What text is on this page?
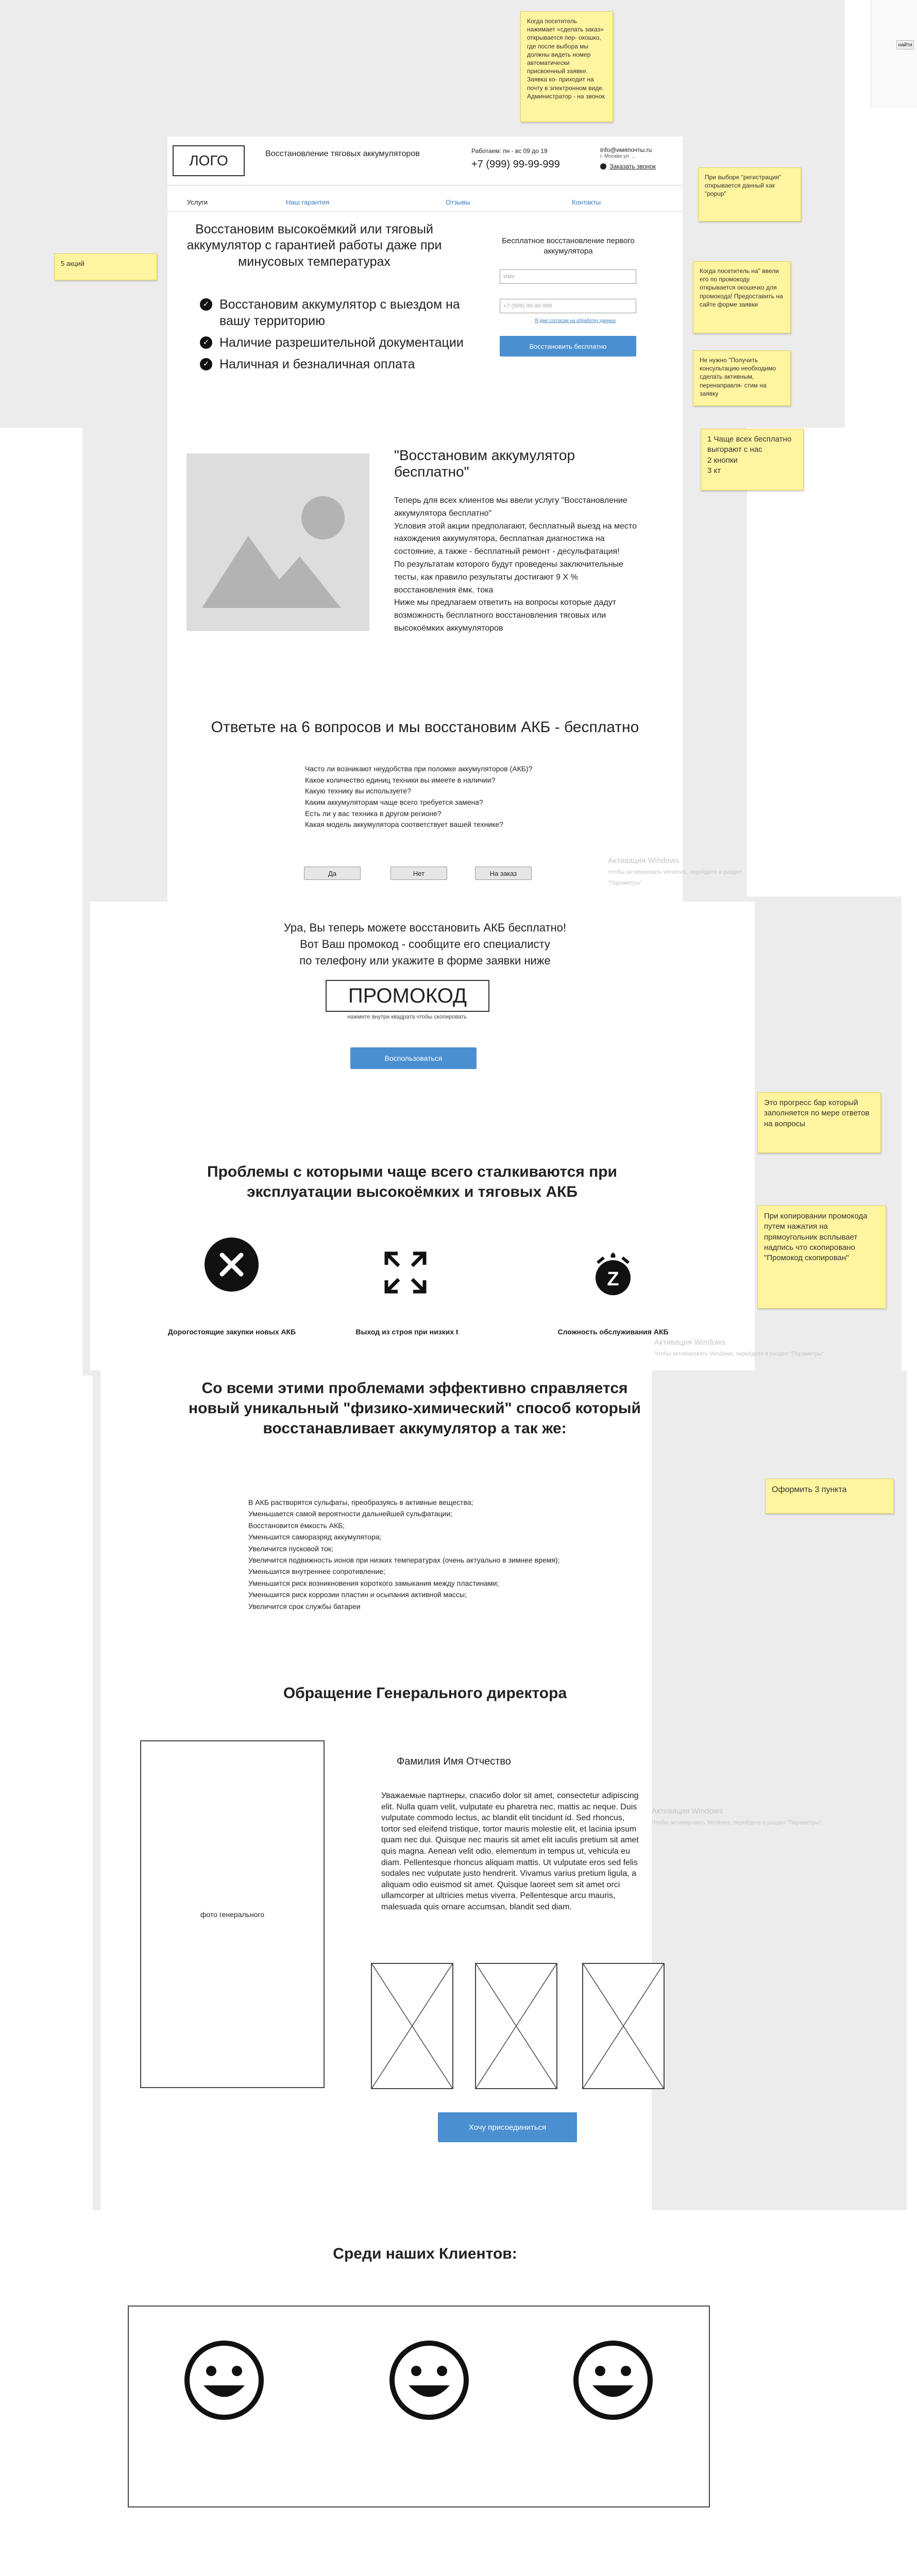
найти
Когда посетитель нажимает «сделать заказ» открывается пер- окошко, где после выбора мы должны видеть номер автоматически присвоенный заявке. Заявка ко- приходит на почту в электронном виде. Администратор - на звонок
При выборе "регистрация" открывается данный как "popup"
5 акций
Когда посетитель на" ввели его по промокоду открывается окошечко для промокода! Предоставить на сайте форме заявки
Не нужно "Получить консультацию необходимо сделать активным, перенаправля- стим на заявку
1 Чаще всех бесплатно выгорают с нас
2 кнопки
3 кт
Это прогресс бар который заполняется по мере ответов на вопросы
При копировании промокода путем нажатия на прямоугольник всплывает надпись что скопировано "Промокод скопирован"
Оформить 3 пункта
Активация Windows
Чтобы активировать Windows, перейдите в раздел "Параметры".
Активация Windows
Чтобы активировать Windows, перейдите в раздел "Параметры".
Активация Windows
Чтобы активировать Windows, перейдите в раздел "Параметры".

ЛОГО	Восстановление тяговых аккумуляторов	Работаем: пн - вс 09 до 19
+7 (999) 99-99-999
info@имяпочты.ru
г. Москва ул. ...
Заказать звонок
Услуги	Наш гарантия	Отзывы	Контакты
Восстановим высокоёмкий или тяговый аккумулятор с гарантией работы даже при минусовых температурах
✓ Восстановим аккумулятор с выездом на вашу территорию
✓ Наличие разрешительной документации
✓ Наличная и безналичная оплата
Бесплатное восстановление первого аккумулятора
Имя
+7 (999) 99-99-999
Я даю согласие на обработку данных
Восстановить бесплатно
"Восстановим аккумулятор бесплатно"
Теперь для всех клиентов мы ввели услугу "Восстановление аккумулятора бесплатно"
Условия этой акции предполагают, бесплатный выезд на место нахождения аккумулятора, бесплатная диагностика на состояние, а также - бесплатный ремонт - десульфатация!
По результатам которого будут проведены заключительные тесты, как правило результаты достигают 9 Х % восстановления ёмк. тока
Ниже мы предлагаем ответить на вопросы которые дадут возможность бесплатного восстановления тяговых или высокоёмких аккумуляторов
Ответьте на 6 вопросов и мы восстановим АКБ - бесплатно
Часто ли возникают неудобства при поломке аккумуляторов (АКБ)?
Какое количество единиц техники вы имеете в наличии?
Какую технику вы используете?
Каким аккумуляторам чаще всего требуется замена?
Есть ли у вас техника в другом регионе?
Какая модель аккумулятора соответствует вашей технике?
Да	Нет	На заказ
Ура, Вы теперь можете восстановить АКБ бесплатно!
Вот Ваш промокод - сообщите его специалисту
по телефону или укажите в форме заявки ниже
ПРОМОКОД
нажмите внутри квадрата чтобы скопировать
Воспользоваться
Проблемы с которыми чаще всего сталкиваются при эксплуатации высокоёмких и тяговых АКБ
Z
Дорогостоящие закупки новых АКБ	Выход из строя при низких t	Сложность обслуживания АКБ
Со всеми этими проблемами эффективно справляется новый уникальный "физико-химический" способ который восстанавливает аккумулятор а так же:
В АКБ растворятся сульфаты, преобразуясь в активные вещества;
Уменьшается самой вероятности дальнейшей сульфатации;
Восстановится ёмкость АКБ;
Уменьшится саморазряд аккумулятора;
Увеличится пусковой ток;
Увеличится подвижность ионов при низких температурах (очень актуально в зимнее время);
Уменьшится внутреннее сопротивление;
Уменьшится риск возникновения короткого замыкания между пластинами;
Уменьшится риск коррозии пластин и осыпания активной массы;
Увеличится срок службы батареи
Обращение Генерального директора
фото генерального
Фамилия Имя Отчество
Уважаемые партнеры, спасибо dolor sit amet, consectetur adipiscing elit. Nulla quam velit, vulputate eu pharetra nec, mattis ac neque. Duis vulputate commodo lectus, ac blandit elit tincidunt id. Sed rhoncus, tortor sed eleifend tristique, tortor mauris molestie elit, et lacinia ipsum quam nec dui. Quisque nec mauris sit amet elit iaculis pretium sit amet quis magna. Aenean velit odio, elementum in tempus ut, vehicula eu diam. Pellentesque rhoncus aliquam mattis. Ut vulputate eros sed felis sodales nec vulputate justo hendrerit. Vivamus varius pretium ligula, a aliquam odio euismod sit amet. Quisque laoreet sem sit amet orci ullamcorper at ultricies metus viverra. Pellentesque arcu mauris, malesuada quis ornare accumsan, blandit sed diam.
Хочу присоединиться
Среди наших Клиентов:
